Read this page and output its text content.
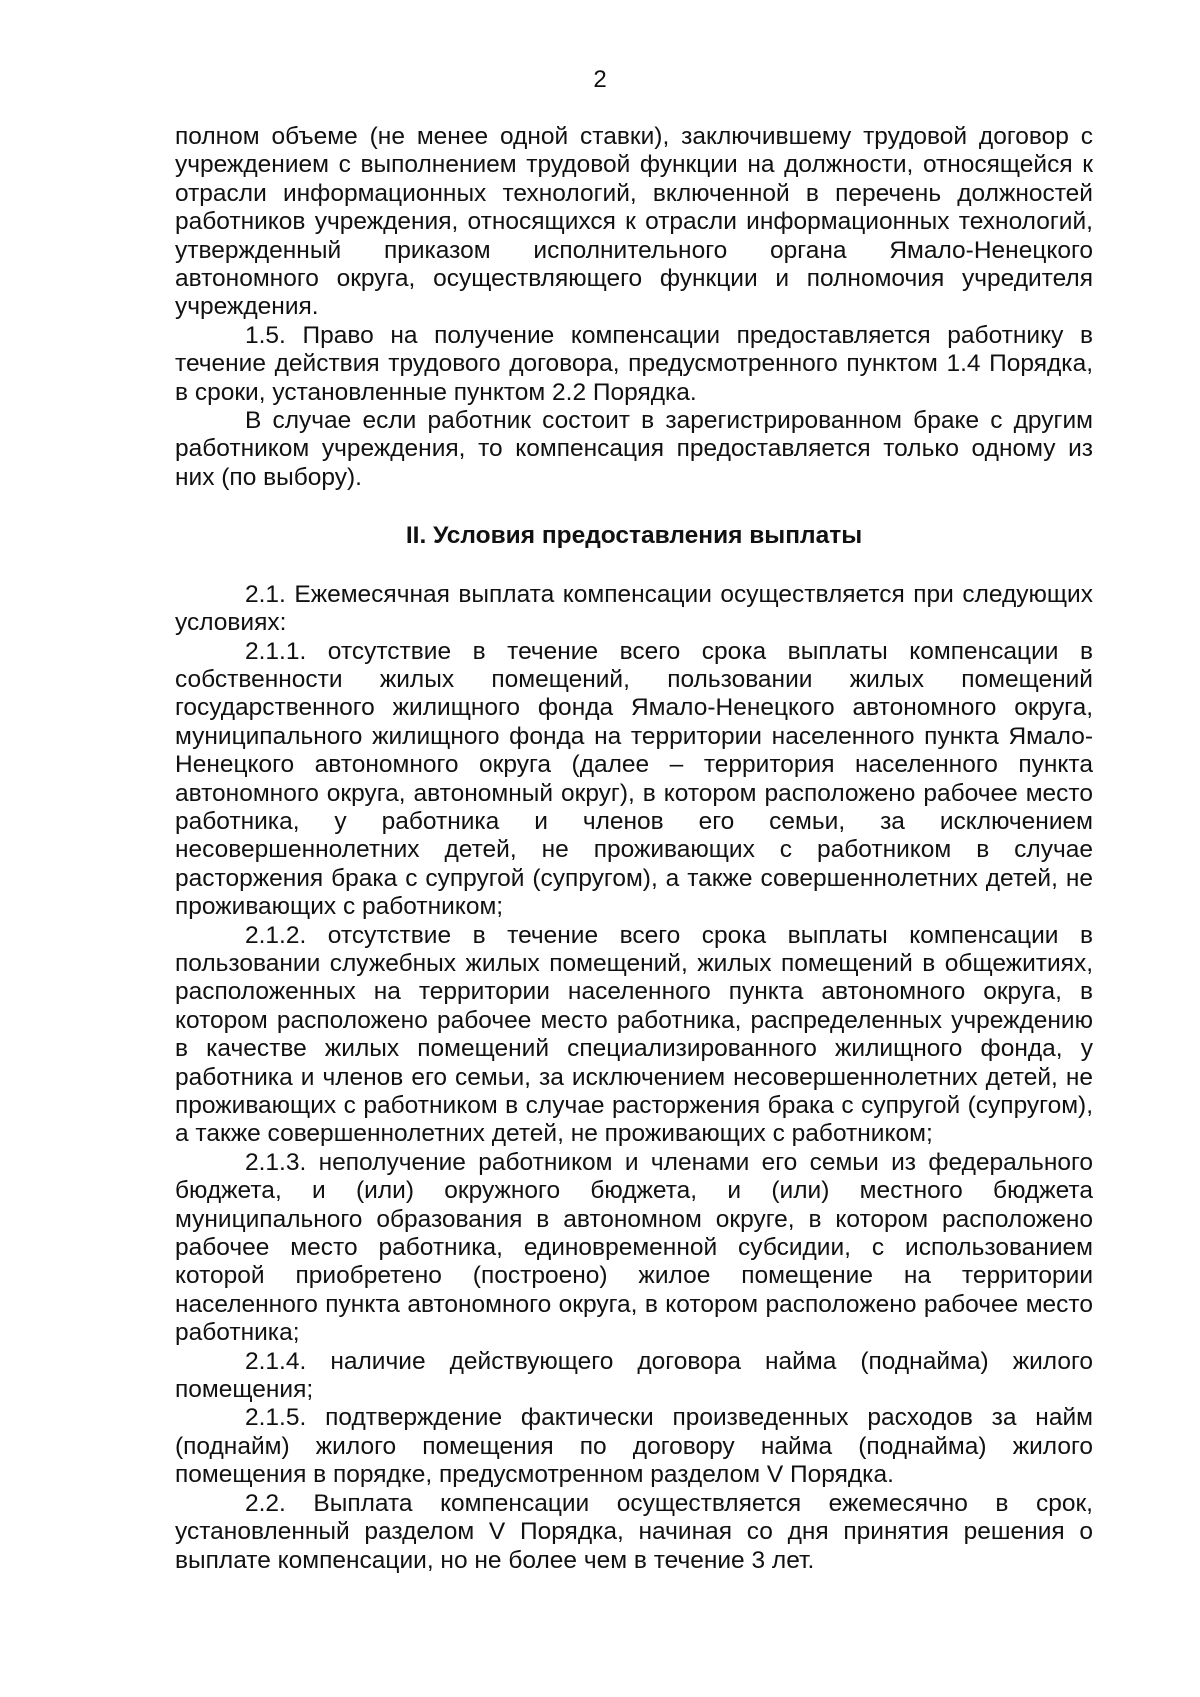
2

полном объеме (не менее одной ставки), заключившему трудовой договор с учреждением с выполнением трудовой функции на должности, относящейся к отрасли информационных технологий, включенной в перечень должностей работников учреждения, относящихся к отрасли информационных технологий, утвержденный приказом исполнительного органа Ямало-Ненецкого автономного округа, осуществляющего функции и полномочия учредителя учреждения.

1.5. Право на получение компенсации предоставляется работнику в течение действия трудового договора, предусмотренного пунктом 1.4 Порядка, в сроки, установленные пунктом 2.2 Порядка.

В случае если работник состоит в зарегистрированном браке с другим работником учреждения, то компенсация предоставляется только одному из них (по выбору).

II. Условия предоставления выплаты

2.1. Ежемесячная выплата компенсации осуществляется при следующих условиях:

2.1.1. отсутствие в течение всего срока выплаты компенсации в собственности жилых помещений, пользовании жилых помещений государственного жилищного фонда Ямало-Ненецкого автономного округа, муниципального жилищного фонда на территории населенного пункта Ямало-Ненецкого автономного округа (далее – территория населенного пункта автономного округа, автономный округ), в котором расположено рабочее место работника, у работника и членов его семьи, за исключением несовершеннолетних детей, не проживающих с работником в случае расторжения брака с супругой (супругом), а также совершеннолетних детей, не проживающих с работником;

2.1.2. отсутствие в течение всего срока выплаты компенсации в пользовании служебных жилых помещений, жилых помещений в общежитиях, расположенных на территории населенного пункта автономного округа, в котором расположено рабочее место работника, распределенных учреждению в качестве жилых помещений специализированного жилищного фонда, у работника и членов его семьи, за исключением несовершеннолетних детей, не проживающих с работником в случае расторжения брака с супругой (супругом), а также совершеннолетних детей, не проживающих с работником;

2.1.3. неполучение работником и членами его семьи из федерального бюджета, и (или) окружного бюджета, и (или) местного бюджета муниципального образования в автономном округе, в котором расположено рабочее место работника, единовременной субсидии, с использованием которой приобретено (построено) жилое помещение на территории населенного пункта автономного округа, в котором расположено рабочее место работника;

2.1.4. наличие действующего договора найма (поднайма) жилого помещения;

2.1.5. подтверждение фактически произведенных расходов за найм (поднайм) жилого помещения по договору найма (поднайма) жилого помещения в порядке, предусмотренном разделом V Порядка.

2.2. Выплата компенсации осуществляется ежемесячно в срок, установленный разделом V Порядка, начиная со дня принятия решения о выплате компенсации, но не более чем в течение 3 лет.
